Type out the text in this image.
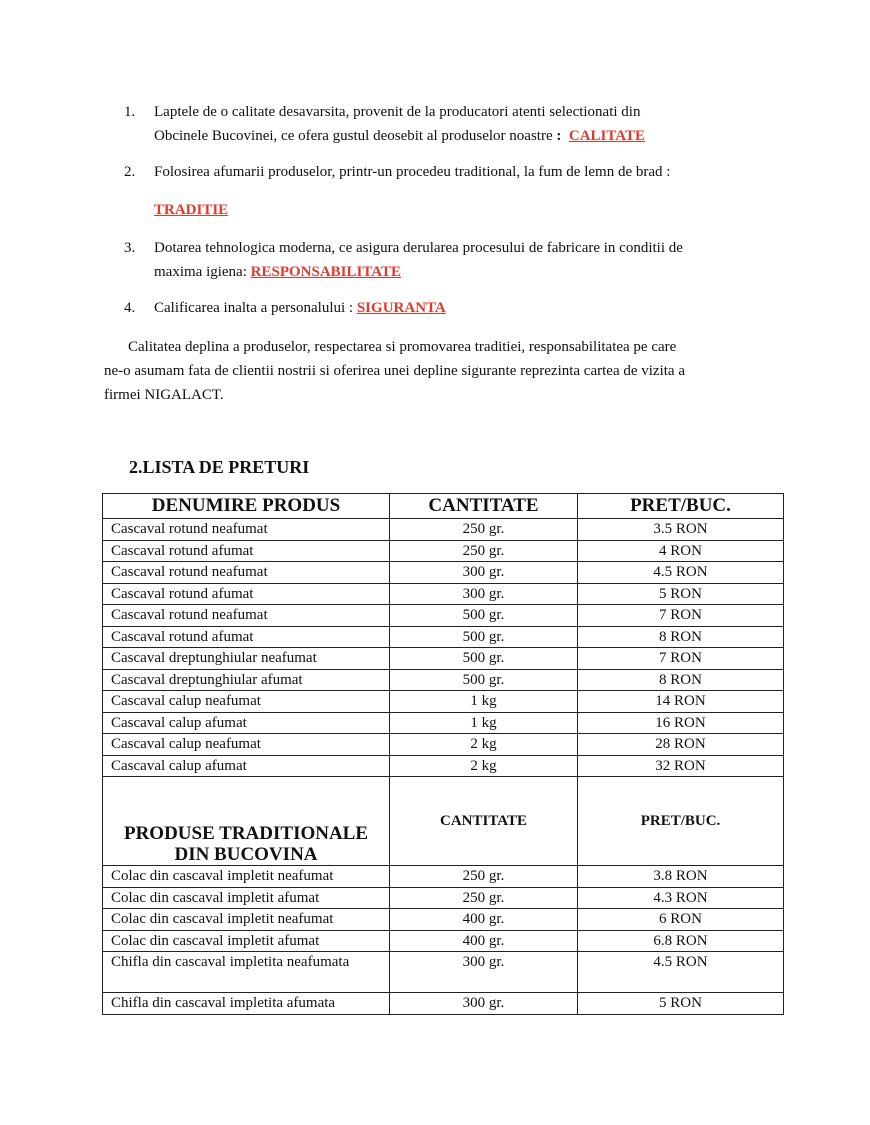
1. Laptele de o calitate desavarsita, provenit de la producatori atenti selectionati din
Obcinele Bucovinei, ce ofera gustul deosebit al produselor noastre : CALITATE
2. Folosirea afumarii produselor, printr-un procedeu traditional, la fum de lemn de brad :
TRADITIE
3. Dotarea tehnologica moderna, ce asigura derularea procesului de fabricare in conditii de
maxima igiena: RESPONSABILITATE
4. Calificarea inalta a personalului : SIGURANTA
Calitatea deplina a produselor, respectarea si promovarea traditiei, responsabilitatea pe care
ne-o asumam fata de clientii nostrii si oferirea unei depline sigurante reprezinta cartea de vizita a
firmei NIGALACT.
2.LISTA DE PRETURI
DENUMIRE PRODUS	CANTITATE	PRET/BUC.
Cascaval rotund neafumat	250 gr.	3.5 RON
Cascaval rotund afumat	250 gr.	4 RON
Cascaval rotund neafumat	300 gr.	4.5 RON
Cascaval rotund afumat	300 gr.	5 RON
Cascaval rotund neafumat	500 gr.	7 RON
Cascaval rotund afumat	500 gr.	8 RON
Cascaval dreptunghiular neafumat	500 gr.	7 RON
Cascaval dreptunghiular afumat	500 gr.	8 RON
Cascaval calup neafumat	1 kg	14 RON
Cascaval calup afumat	1 kg	16 RON
Cascaval calup neafumat	2 kg	28 RON
Cascaval calup afumat	2 kg	32 RON

PRODUSE TRADITIONALE
DIN BUCOVINA	CANTITATE	PRET/BUC.
Colac din cascaval impletit neafumat	250 gr.	3.8 RON
Colac din cascaval impletit afumat	250 gr.	4.3 RON
Colac din cascaval impletit neafumat	400 gr.	6 RON
Colac din cascaval impletit afumat	400 gr.	6.8 RON
Chifla din cascaval impletita neafumata	300 gr.	4.5 RON
Chifla din cascaval impletita afumata	300 gr.	5 RON
